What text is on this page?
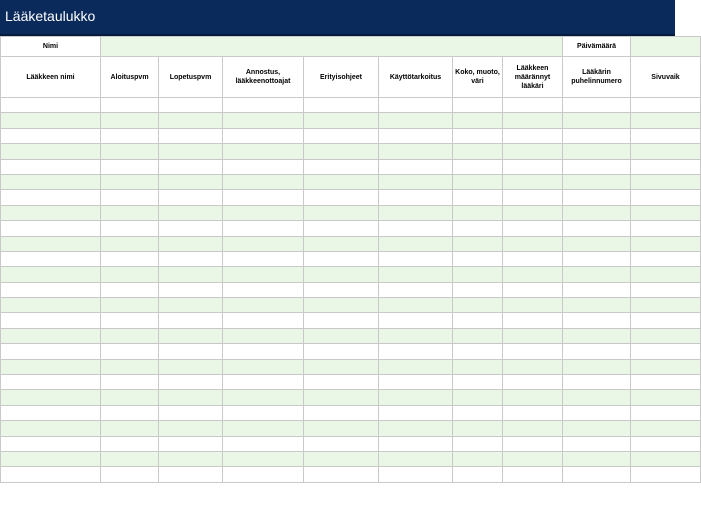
Lääketaulukko
Nimi								Päivämäärä	
Lääkkeen nimi	Aloituspvm	Lopetuspvm	Annostus, lääkkeenottoajat	Erityisohjeet	Käyttötarkoitus	Koko, muoto, väri	Lääkkeen määrännyt lääkäri	Lääkärin puhelinnumero	Sivuvaik
